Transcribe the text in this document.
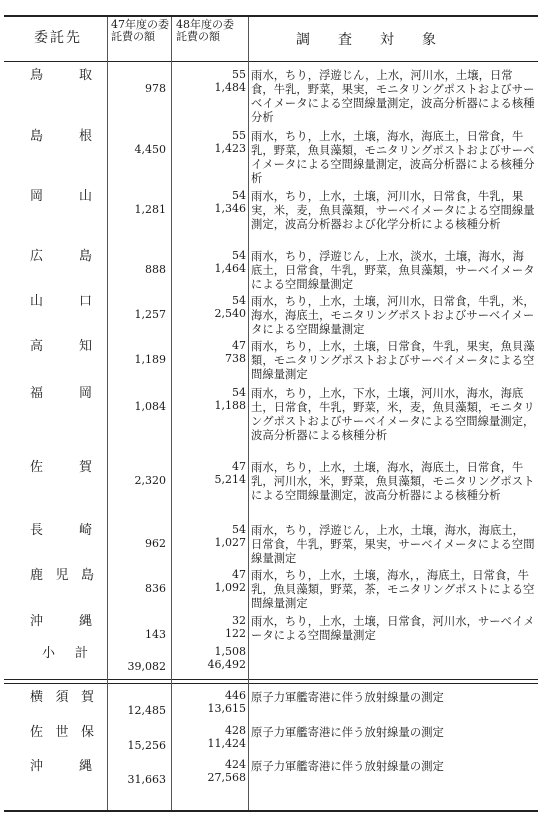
委託先
47年度の委託費の額
48年度の委託費の額	調　　査　　対　　象
鳥　取
978
55
1,484
雨水，ちり，浮遊じん，上水，河川水，土壌，日常食，牛乳，野菜，果実，モニタリングポストおよびサーベイメータによる空間線量測定，波高分析器による核種分析
島　根
4,450
55
1,423
雨水，ちり，上水，土壌，海水，海底土，日常食，牛乳，野菜，魚貝藻類，モニタリングポストおよびサーベイメータによる空間線量測定，波高分析器による核種分析
岡　山
1,281
54
1,346
雨水，ちり，上水，土壌，河川水，日常食，牛乳，果実，米，麦，魚貝藻類，サーベイメータによる空間線量測定，波高分析器および化学分析による核種分析
広　島
888
54
1,464
雨水，ちり，浮遊じん，上水，淡水，土壌，海水，海底土，日常食，牛乳，野菜，魚貝藻類，サーベイメータによる空間線量測定
山　口
1,257
54
2,540
雨水，ちり，上水，土壌，河川水，日常食，牛乳，米，海水，海底土，モニタリングポストおよびサーベイメータによる空間線量測定
高　知
1,189
47
738
雨水，ちり，上水，土壌，日常食，牛乳，果実，魚貝藻類，モニタリングポストおよびサーベイメータによる空間線量測定
福　岡
1,084
54
1,188
雨水，ちり，上水，下水，土壌，河川水，海水，海底土，日常食，牛乳，野菜，米，麦，魚貝藻類，モニタリングポストおよびサーベイメータによる空間線量測定，波高分析器による核種分析
佐　賀
2,320
47
5,214
雨水，ちり，上水，土壌，海水，海底土，日常食，牛乳，河川水，米，野菜，魚貝藻類，モニタリングポストによる空間線量測定，波高分析器による核種分析
長　崎
962
54
1,027
雨水，ちり，浮遊じん，上水，土壌，海水，海底土，日常食，牛乳，野菜，果実，サーベイメータによる空間線量測定
鹿児島
836
47
1,092
雨水，ちり，上水，土壌，海水，，海底土，日常食，牛乳，魚貝藻類，野菜，茶，モニタリングポストによる空間線量測定
沖　縄
143
32
122
雨水，ちり，上水，土壌，日常食，河川水，サーベイメータによる空間線量測定
小　計
39,082
1,508
46,492
横須賀
12,485
446
13,615
原子力軍艦寄港に伴う放射線量の測定
佐世保
15,256
428
11,424
原子力軍艦寄港に伴う放射線量の測定
沖　縄
31,663
424
27,568
原子力軍艦寄港に伴う放射線量の測定
